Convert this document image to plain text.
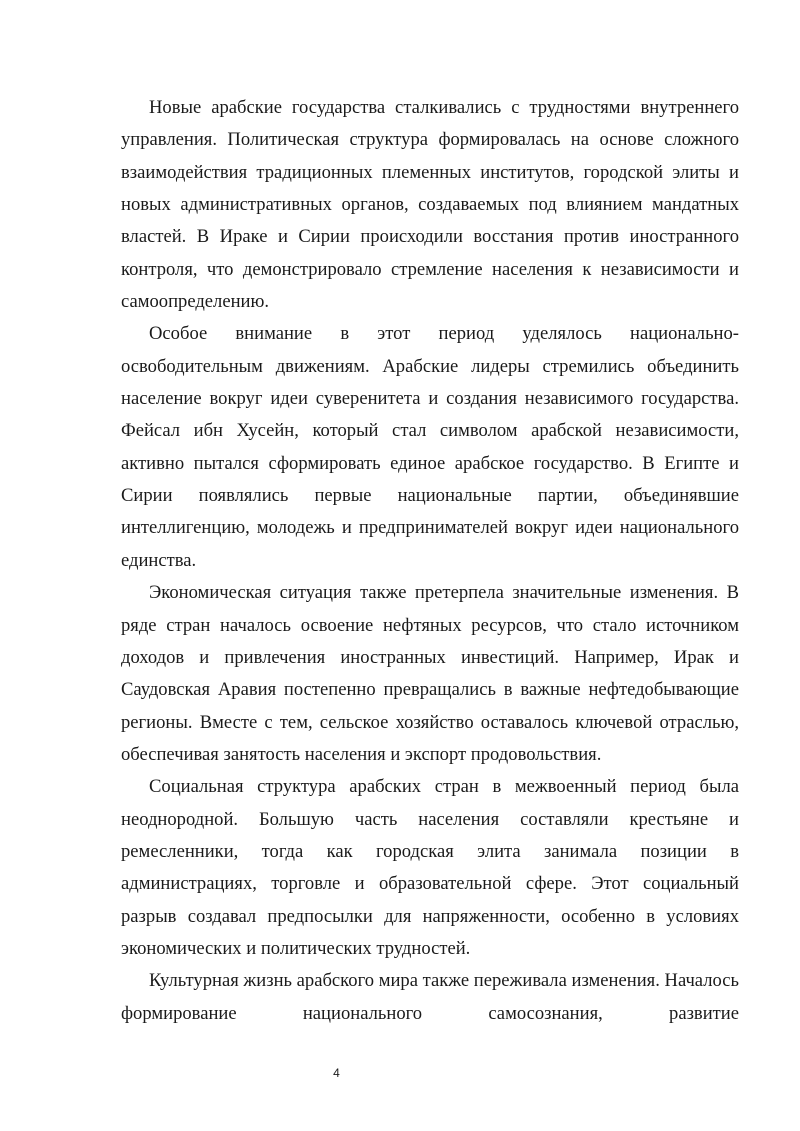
Новые арабские государства сталкивались с трудностями внутреннего управления. Политическая структура формировалась на основе сложного взаимодействия традиционных племенных институтов, городской элиты и новых административных органов, создаваемых под влиянием мандатных властей. В Ираке и Сирии происходили восстания против иностранного контроля, что демонстрировало стремление населения к независимости и самоопределению.

Особое внимание в этот период уделялось национально-освободительным движениям. Арабские лидеры стремились объединить население вокруг идеи суверенитета и создания независимого государства. Фейсал ибн Хусейн, который стал символом арабской независимости, активно пытался сформировать единое арабское государство. В Египте и Сирии появлялись первые национальные партии, объединявшие интеллигенцию, молодежь и предпринимателей вокруг идеи национального единства.

Экономическая ситуация также претерпела значительные изменения. В ряде стран началось освоение нефтяных ресурсов, что стало источником доходов и привлечения иностранных инвестиций. Например, Ирак и Саудовская Аравия постепенно превращались в важные нефтедобывающие регионы. Вместе с тем, сельское хозяйство оставалось ключевой отраслью, обеспечивая занятость населения и экспорт продовольствия.

Социальная структура арабских стран в межвоенный период была неоднородной. Большую часть населения составляли крестьяне и ремесленники, тогда как городская элита занимала позиции в администрациях, торговле и образовательной сфере. Этот социальный разрыв создавал предпосылки для напряженности, особенно в условиях экономических и политических трудностей.

Культурная жизнь арабского мира также переживала изменения. Началось формирование национального самосознания, развитие

4
